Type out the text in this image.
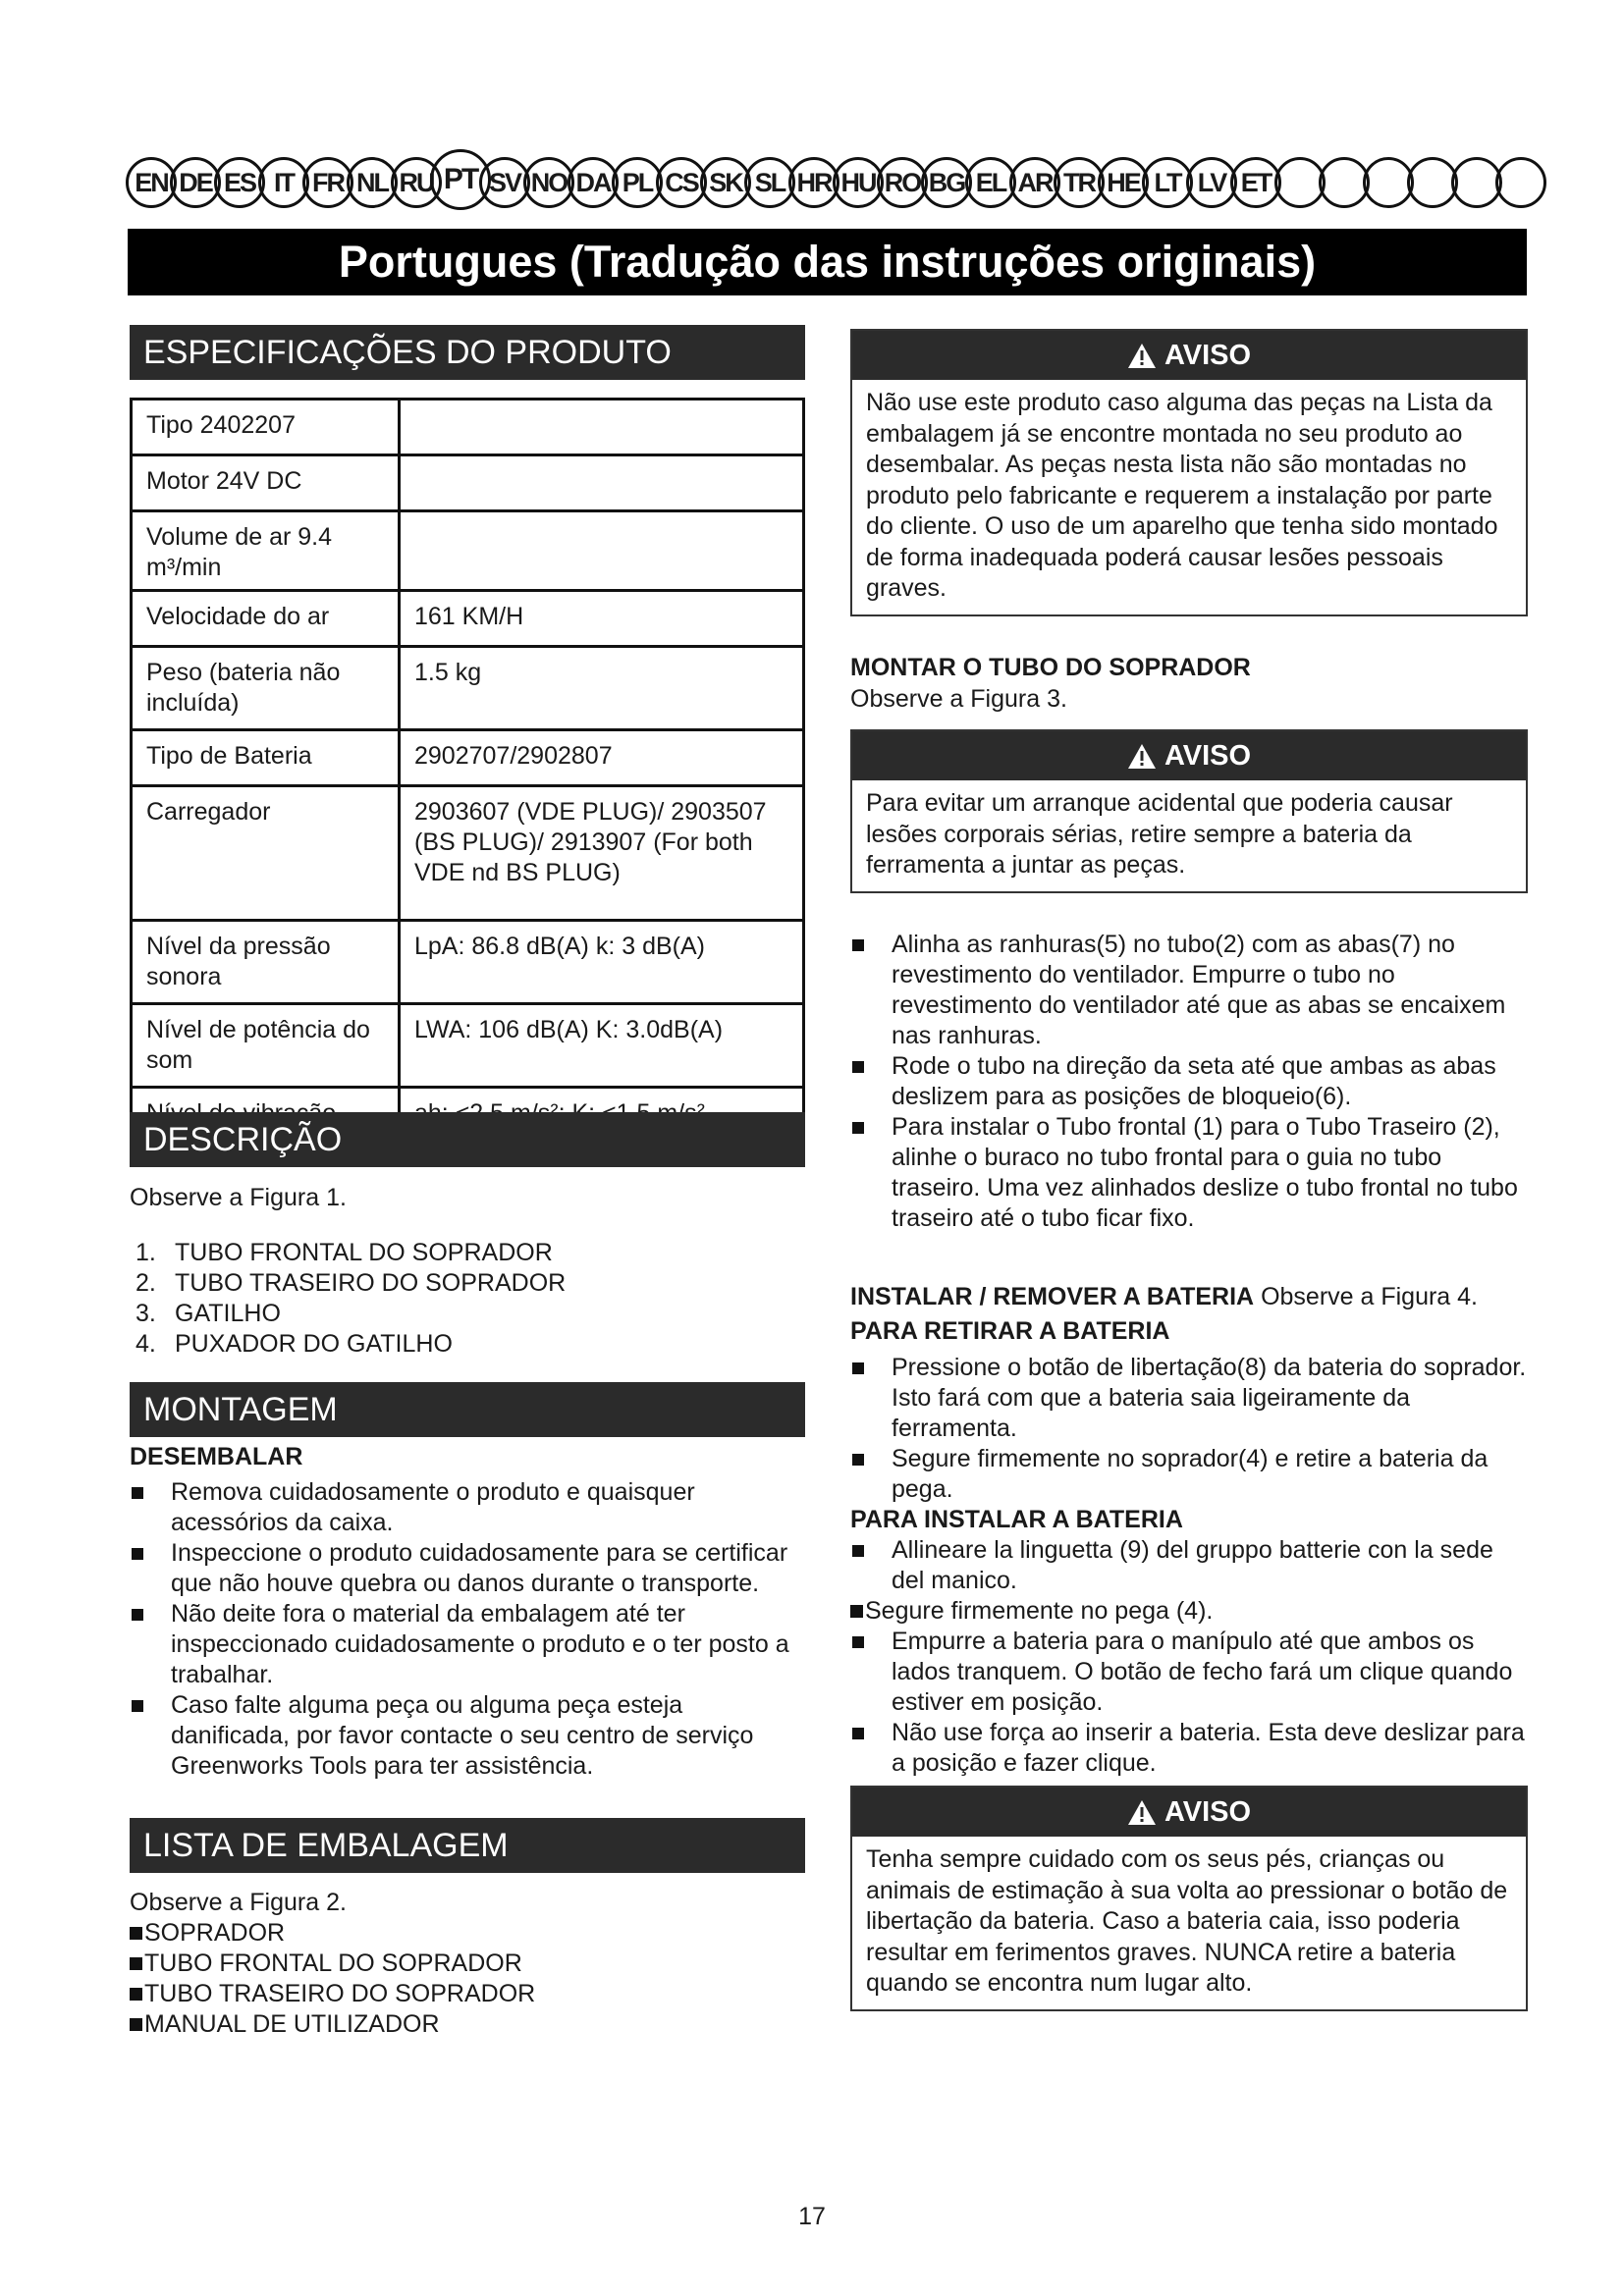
EN DE ES IT FR NL RU PT SV NO DA PL CS SK SL HR HU RO BG EL AR TR HE LT LV ET
Portugues (Tradução das instruções originais)
ESPECIFICAÇÕES DO PRODUTO
Tipo 2402207	
Motor 24V DC	
Volume de ar 9.4 m³/min	
Velocidade do ar	161 KM/H
Peso (bateria não incluída)	1.5 kg
Tipo de Bateria	2902707/2902807
Carregador	2903607 (VDE PLUG)/ 2903507 (BS PLUG)/ 2913907 (For both VDE nd BS PLUG)
Nível da pressão sonora	LpA: 86.8 dB(A) k: 3 dB(A)
Nível de potência do som	LWA: 106 dB(A) K: 3.0dB(A)

DESCRIÇÃO
Observe a Figura 1.
1. TUBO FRONTAL DO SOPRADOR
2. TUBO TRASEIRO DO SOPRADOR
3. GATILHO
4. PUXADOR DO GATILHO
MONTAGEM
DESEMBALAR
Remova cuidadosamente o produto e quaisquer acessórios da caixa.
Inspeccione o produto cuidadosamente para se certificar que não houve quebra ou danos durante o transporte.
Não deite fora o material da embalagem até ter inspeccionado cuidadosamente o produto e o ter posto a trabalhar.
Caso falte alguma peça ou alguma peça esteja danificada, por favor contacte o seu centro de serviço Greenworks Tools para ter assistência.
LISTA DE EMBALAGEM
Observe a Figura 2.
SOPRADOR
TUBO FRONTAL DO SOPRADOR
TUBO TRASEIRO DO SOPRADOR
MANUAL DE UTILIZADOR
AVISO
Não use este produto caso alguma das peças na Lista da embalagem já se encontre montada no seu produto ao desembalar. As peças nesta lista não são montadas no produto pelo fabricante e requerem a instalação por parte do cliente. O uso de um aparelho que tenha sido montado de forma inadequada poderá causar lesões pessoais graves.
MONTAR O TUBO DO SOPRADOR
Observe a Figura 3.
AVISO
Para evitar um arranque acidental que poderia causar lesões corporais sérias, retire sempre a bateria da ferramenta a juntar as peças.
Alinha as ranhuras(5) no tubo(2) com as abas(7) no revestimento do ventilador. Empurre o tubo no revestimento do ventilador até que as abas se encaixem nas ranhuras.
Rode o tubo na direção da seta até que ambas as abas deslizem para as posições de bloqueio(6).
Para instalar o Tubo frontal (1) para o Tubo Traseiro (2), alinhe o buraco no tubo frontal para o guia no tubo traseiro. Uma vez alinhados deslize o tubo frontal no tubo traseiro até o tubo ficar fixo.
INSTALAR / REMOVER A BATERIA Observe a Figura 4.
PARA RETIRAR A BATERIA
Pressione o botão de libertação(8) da bateria do soprador. Isto fará com que a bateria saia ligeiramente da ferramenta.
Segure firmemente no soprador(4) e retire a bateria da pega.
PARA INSTALAR A BATERIA
Allineare la linguetta (9) del gruppo batterie con la sede del manico.
Segure firmemente no pega (4).
Empurre a bateria para o manípulo até que ambos os lados tranquem. O botão de fecho fará um clique quando estiver em posição.
Não use força ao inserir a bateria. Esta deve deslizar para a posição e fazer clique.
AVISO
Tenha sempre cuidado com os seus pés, crianças ou animais de estimação à sua volta ao pressionar o botão de libertação da bateria. Caso a bateria caia, isso poderia resultar em ferimentos graves. NUNCA retire a bateria quando se encontra num lugar alto.
17
